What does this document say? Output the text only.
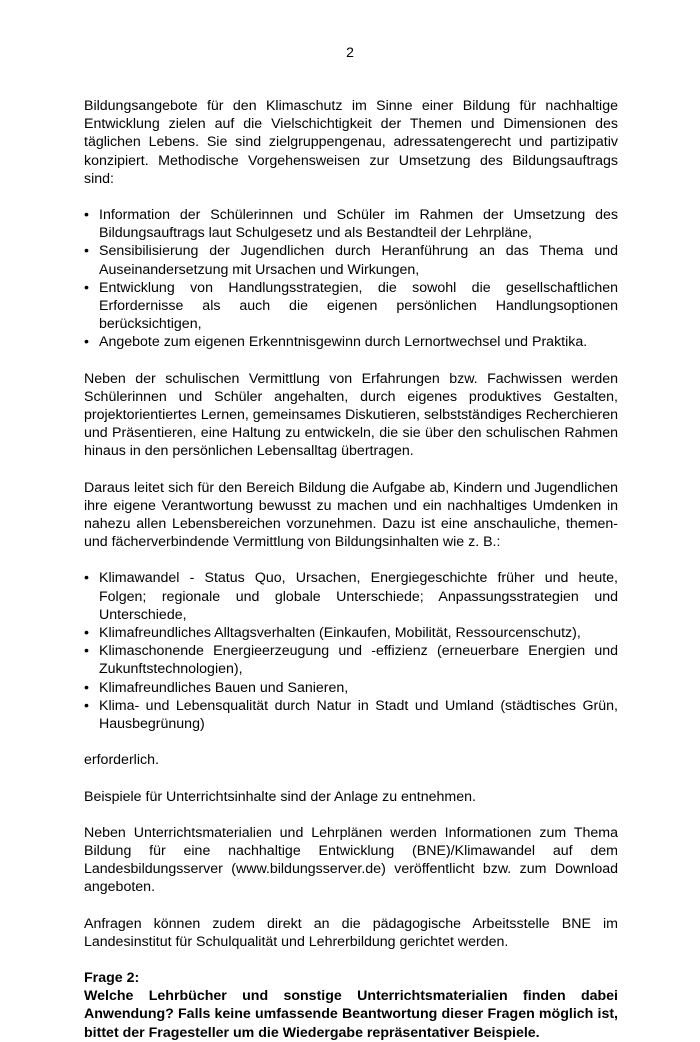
2

Bildungsangebote für den Klimaschutz im Sinne einer Bildung für nachhaltige Entwicklung zielen auf die Vielschichtigkeit der Themen und Dimensionen des täglichen Lebens. Sie sind zielgruppengenau, adressatengerecht und partizipativ konzipiert. Methodische Vorgehensweisen zur Umsetzung des Bildungsauftrags sind:

• Information der Schülerinnen und Schüler im Rahmen der Umsetzung des Bildungsauftrags laut Schulgesetz und als Bestandteil der Lehrpläne,
• Sensibilisierung der Jugendlichen durch Heranführung an das Thema und Auseinandersetzung mit Ursachen und Wirkungen,
• Entwicklung von Handlungsstrategien, die sowohl die gesellschaftlichen Erfordernisse als auch die eigenen persönlichen Handlungsoptionen berücksichtigen,
• Angebote zum eigenen Erkenntnisgewinn durch Lernortwechsel und Praktika.

Neben der schulischen Vermittlung von Erfahrungen bzw. Fachwissen werden Schülerinnen und Schüler angehalten, durch eigenes produktives Gestalten, projektorientiertes Lernen, gemeinsames Diskutieren, selbstständiges Recherchieren und Präsentieren, eine Haltung zu entwickeln, die sie über den schulischen Rahmen hinaus in den persönlichen Lebensalltag übertragen.

Daraus leitet sich für den Bereich Bildung die Aufgabe ab, Kindern und Jugendlichen ihre eigene Verantwortung bewusst zu machen und ein nachhaltiges Umdenken in nahezu allen Lebensbereichen vorzunehmen. Dazu ist eine anschauliche, themen- und fächerverbindende Vermittlung von Bildungsinhalten wie z. B.:

• Klimawandel - Status Quo, Ursachen, Energiegeschichte früher und heute, Folgen; regionale und globale Unterschiede; Anpassungsstrategien und Unterschiede,
• Klimafreundliches Alltagsverhalten (Einkaufen, Mobilität, Ressourcenschutz),
• Klimaschonende Energieerzeugung und -effizienz (erneuerbare Energien und Zukunftstechnologien),
• Klimafreundliches Bauen und Sanieren,
• Klima- und Lebensqualität durch Natur in Stadt und Umland (städtisches Grün, Hausbegrünung)

erforderlich.

Beispiele für Unterrichtsinhalte sind der Anlage zu entnehmen.

Neben Unterrichtsmaterialien und Lehrplänen werden Informationen zum Thema Bildung für eine nachhaltige Entwicklung (BNE)/Klimawandel auf dem Landesbildungsserver (www.bildungsserver.de) veröffentlicht bzw. zum Download angeboten.

Anfragen können zudem direkt an die pädagogische Arbeitsstelle BNE im Landesinstitut für Schulqualität und Lehrerbildung gerichtet werden.

Frage 2:

Welche Lehrbücher und sonstige Unterrichtsmaterialien finden dabei Anwendung? Falls keine umfassende Beantwortung dieser Fragen möglich ist, bittet der Fragesteller um die Wiedergabe repräsentativer Beispiele.
